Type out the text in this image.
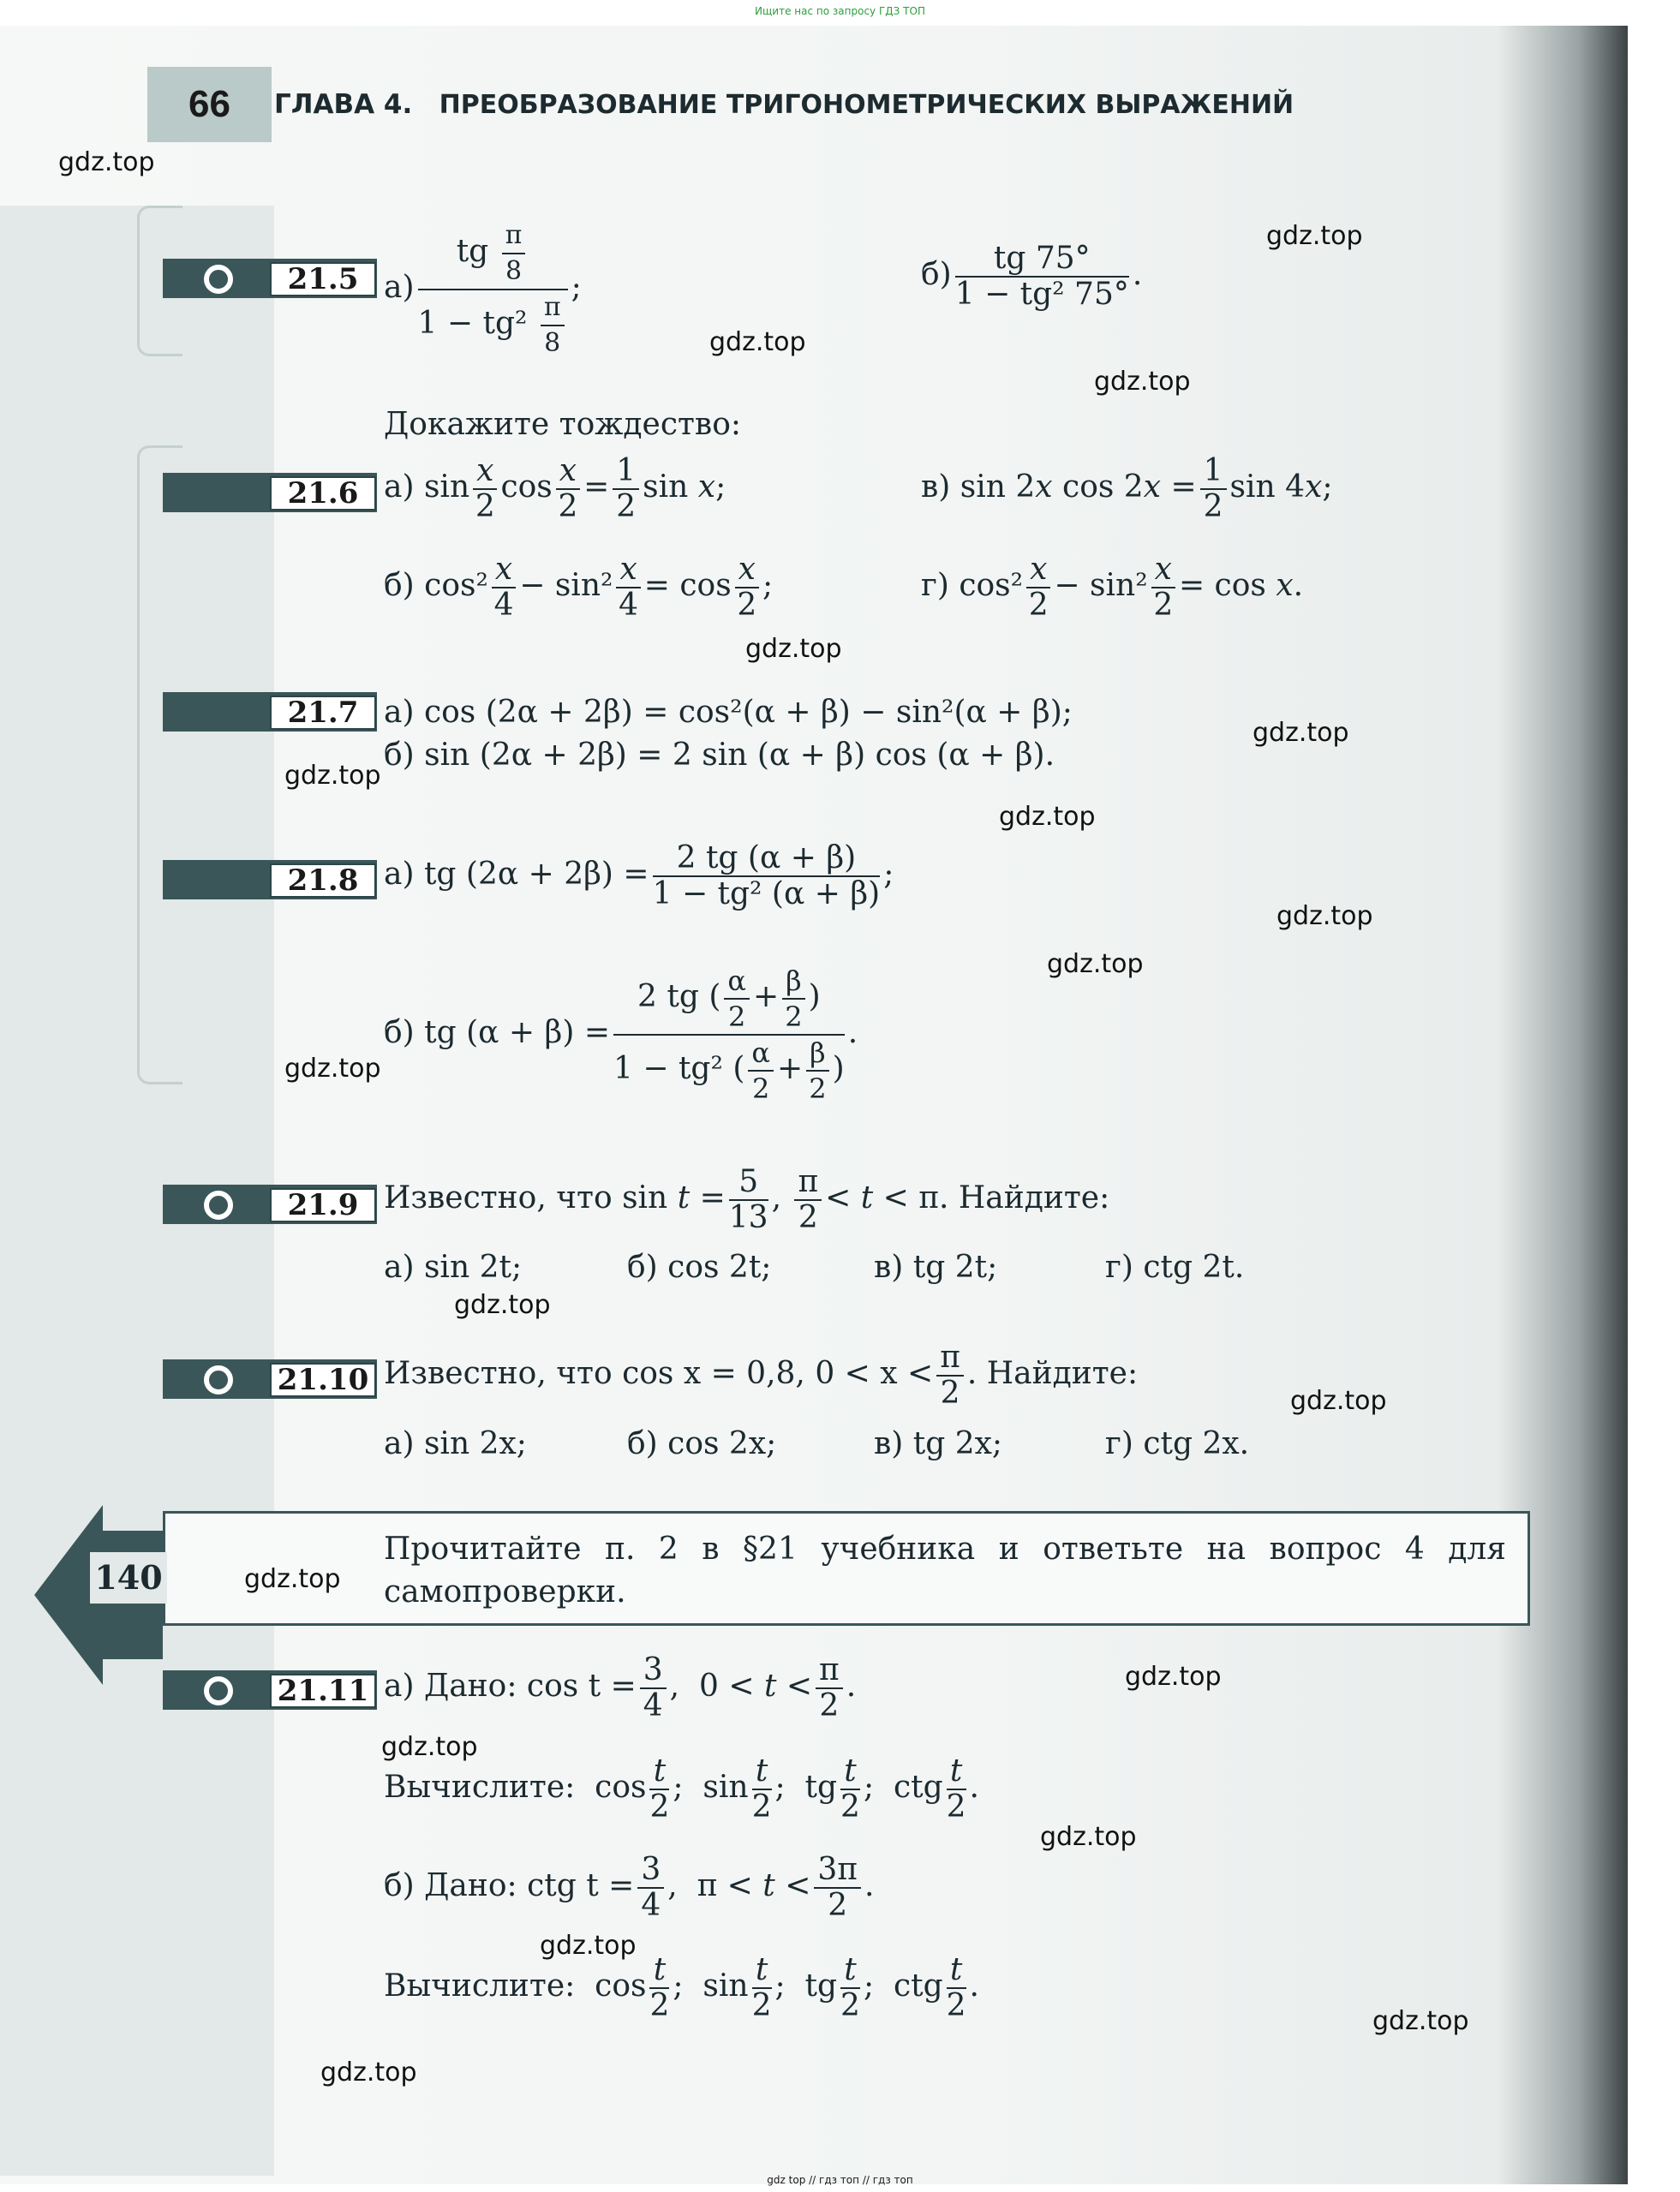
Ищите нас по запросу ГДЗ ТОП
66	ГЛАВА 4. ПРЕОБРАЗОВАНИЕ ТРИГОНОМЕТРИЧЕСКИХ ВЫРАЖЕНИЙ
21.5 $а) \frac{tg \frac{\pi}{8}}{1 - tg^2 \frac{\pi}{8}}$ ;	$б) \frac{tg 75^\circ}{\text{1 − tg² 75°}}$ .
Докажите тождество:
21.6 а) $\sin \frac{x}{2}$ $\cos \frac{x}{2} = \frac{1}{2}$ sin x;	в) sin 2x $\cos 2x = \frac{1}{2}$ sin 4x;
б) $\cos^2 \frac{x}{4} - \sin^2 \frac{x}{4} = \cos \frac{x}{2}$ ;	г) $\cos^2 \frac{x}{2} - \sin^2 \frac{x}{2} = \cos x$.
21.7 а) cos (2α + 2β) = cos²(α + β) − sin²(α + β);
б) sin (2α + 2β) = 2 sin (α + β) cos (α + β).
21.8 а) tg $(2\alpha + 2\beta) = \frac{2 tg (\alpha + \beta)}{\text{1 − tg² (α + β)}}$ ;
б) tg $(\alpha + \beta) = \frac{2 tg ( \frac{\alpha}{2} + \frac{\beta}{2} )}{1 - tg^2 ( \frac{\alpha}{2} + \frac{\beta}{2} )}$ .
21.9 Известно, что $\sin t = \frac{5}{13}$ , $\frac{\pi}{2} < t < \pi$. Найдите:
а) sin 2t;	б) cos 2t;	в) tg 2t;	г) ctg 2t.
21.10 Известно, что cos x = 0,8, $0 < x < \frac{\pi}{2}$ . Найдите:
а) sin 2x;	б) cos 2x;	в) tg 2x;	г) ctg 2x.
140
Прочитайте п. 2 в §21 учебника и ответьте на вопрос 4 для самопроверки.
21.11 а) Дано: $\cos t = \frac{3}{4}$ ,  $0 < t < \frac{\pi}{2}$ .
Вычислите:  $\cos \frac{t}{2}$ ;  $\sin \frac{t}{2}$ ;  tg $\frac{t}{2}$ ;  ctg $\frac{t}{2}$ .
б) Дано: ctg $t = \frac{3}{4}$ ,  $\pi < t < \frac{3\pi}{2}$ .
Вычислите:  $\cos \frac{t}{2}$ ;  $\sin \frac{t}{2}$ ;  tg $\frac{t}{2}$ ;  ctg $\frac{t}{2}$ .
gdz.top
gdz.top
gdz.top
gdz.top
gdz.top
gdz.top
gdz.top
gdz.top
gdz.top
gdz.top
gdz.top
gdz.top
gdz.top
gdz.top
gdz.top
gdz.top
gdz.top
gdz.top
gdz.top
gdz.top
gdz top // гдз топ // гдз топ
